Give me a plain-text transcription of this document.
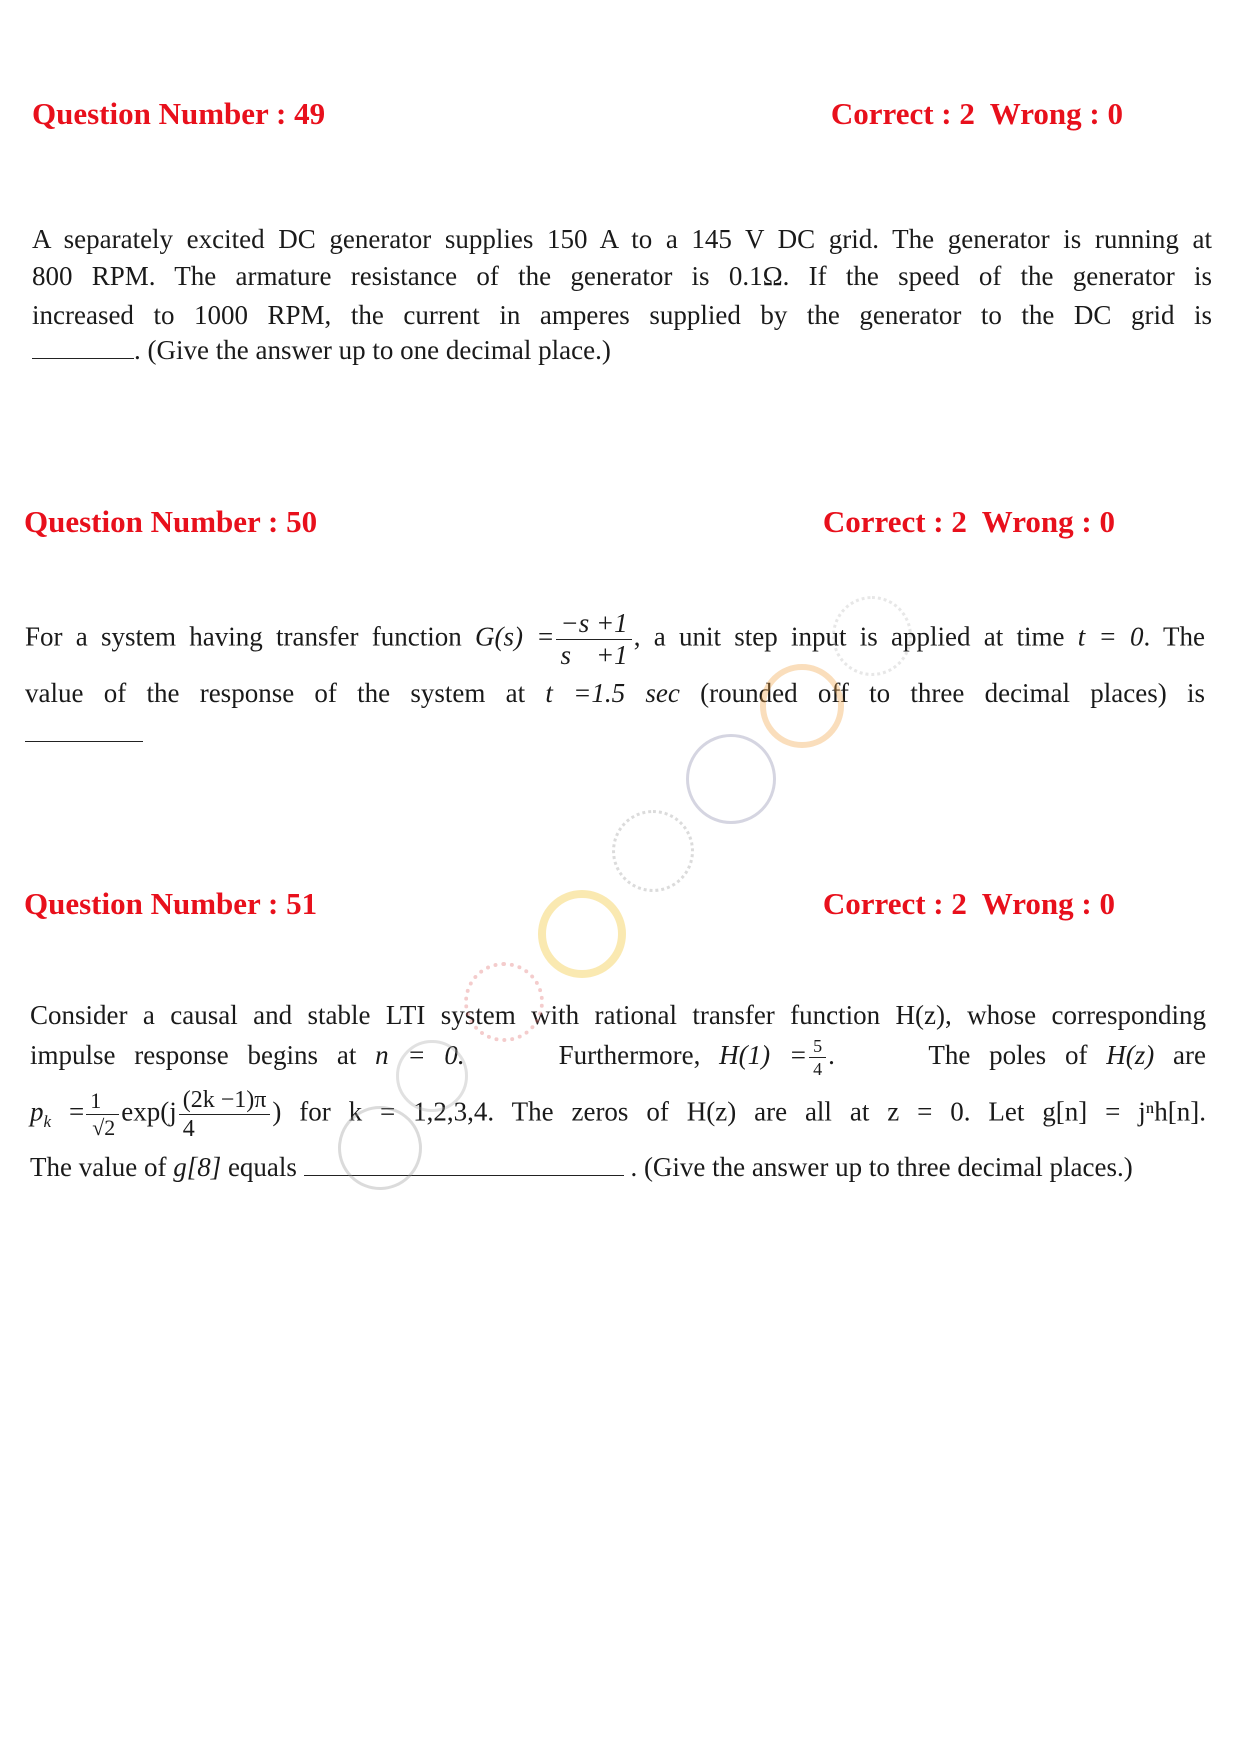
Question Number : 49	Correct : 2  Wrong : 0
A separately excited DC generator supplies 150 A to a 145 V DC grid. The generator is running at
800 RPM. The armature resistance of the generator is 0.1Ω. If the speed of the generator is
increased to 1000 RPM, the current in amperes supplied by the generator to the DC grid is
. (Give the answer up to one decimal place.)
Question Number : 50	Correct : 2  Wrong : 0
For a system having transfer function $G(s) = \frac{-s +1}{s +1}$ , a unit step input is applied at time t = 0. The
value of the response of the system at t =1.5 sec (rounded off to three decimal places) is
Question Number : 51	Correct : 2  Wrong : 0
Consider a causal and stable LTI system with rational transfer function H(z), whose corresponding
impulse response begins at n = 0.	Furthermore, $H(1) = \frac{5}{4}$ .     The poles of H(z) are
$p_k = \frac{1}{√2} \exp(j \frac{(2k -1)\pi}{4}$ ) for k = 1,2,3,4. The zeros of H(z) are all at z = 0. Let g[n] = jⁿh[n].
The value of g[8] equals	. (Give the answer up to three decimal places.)
